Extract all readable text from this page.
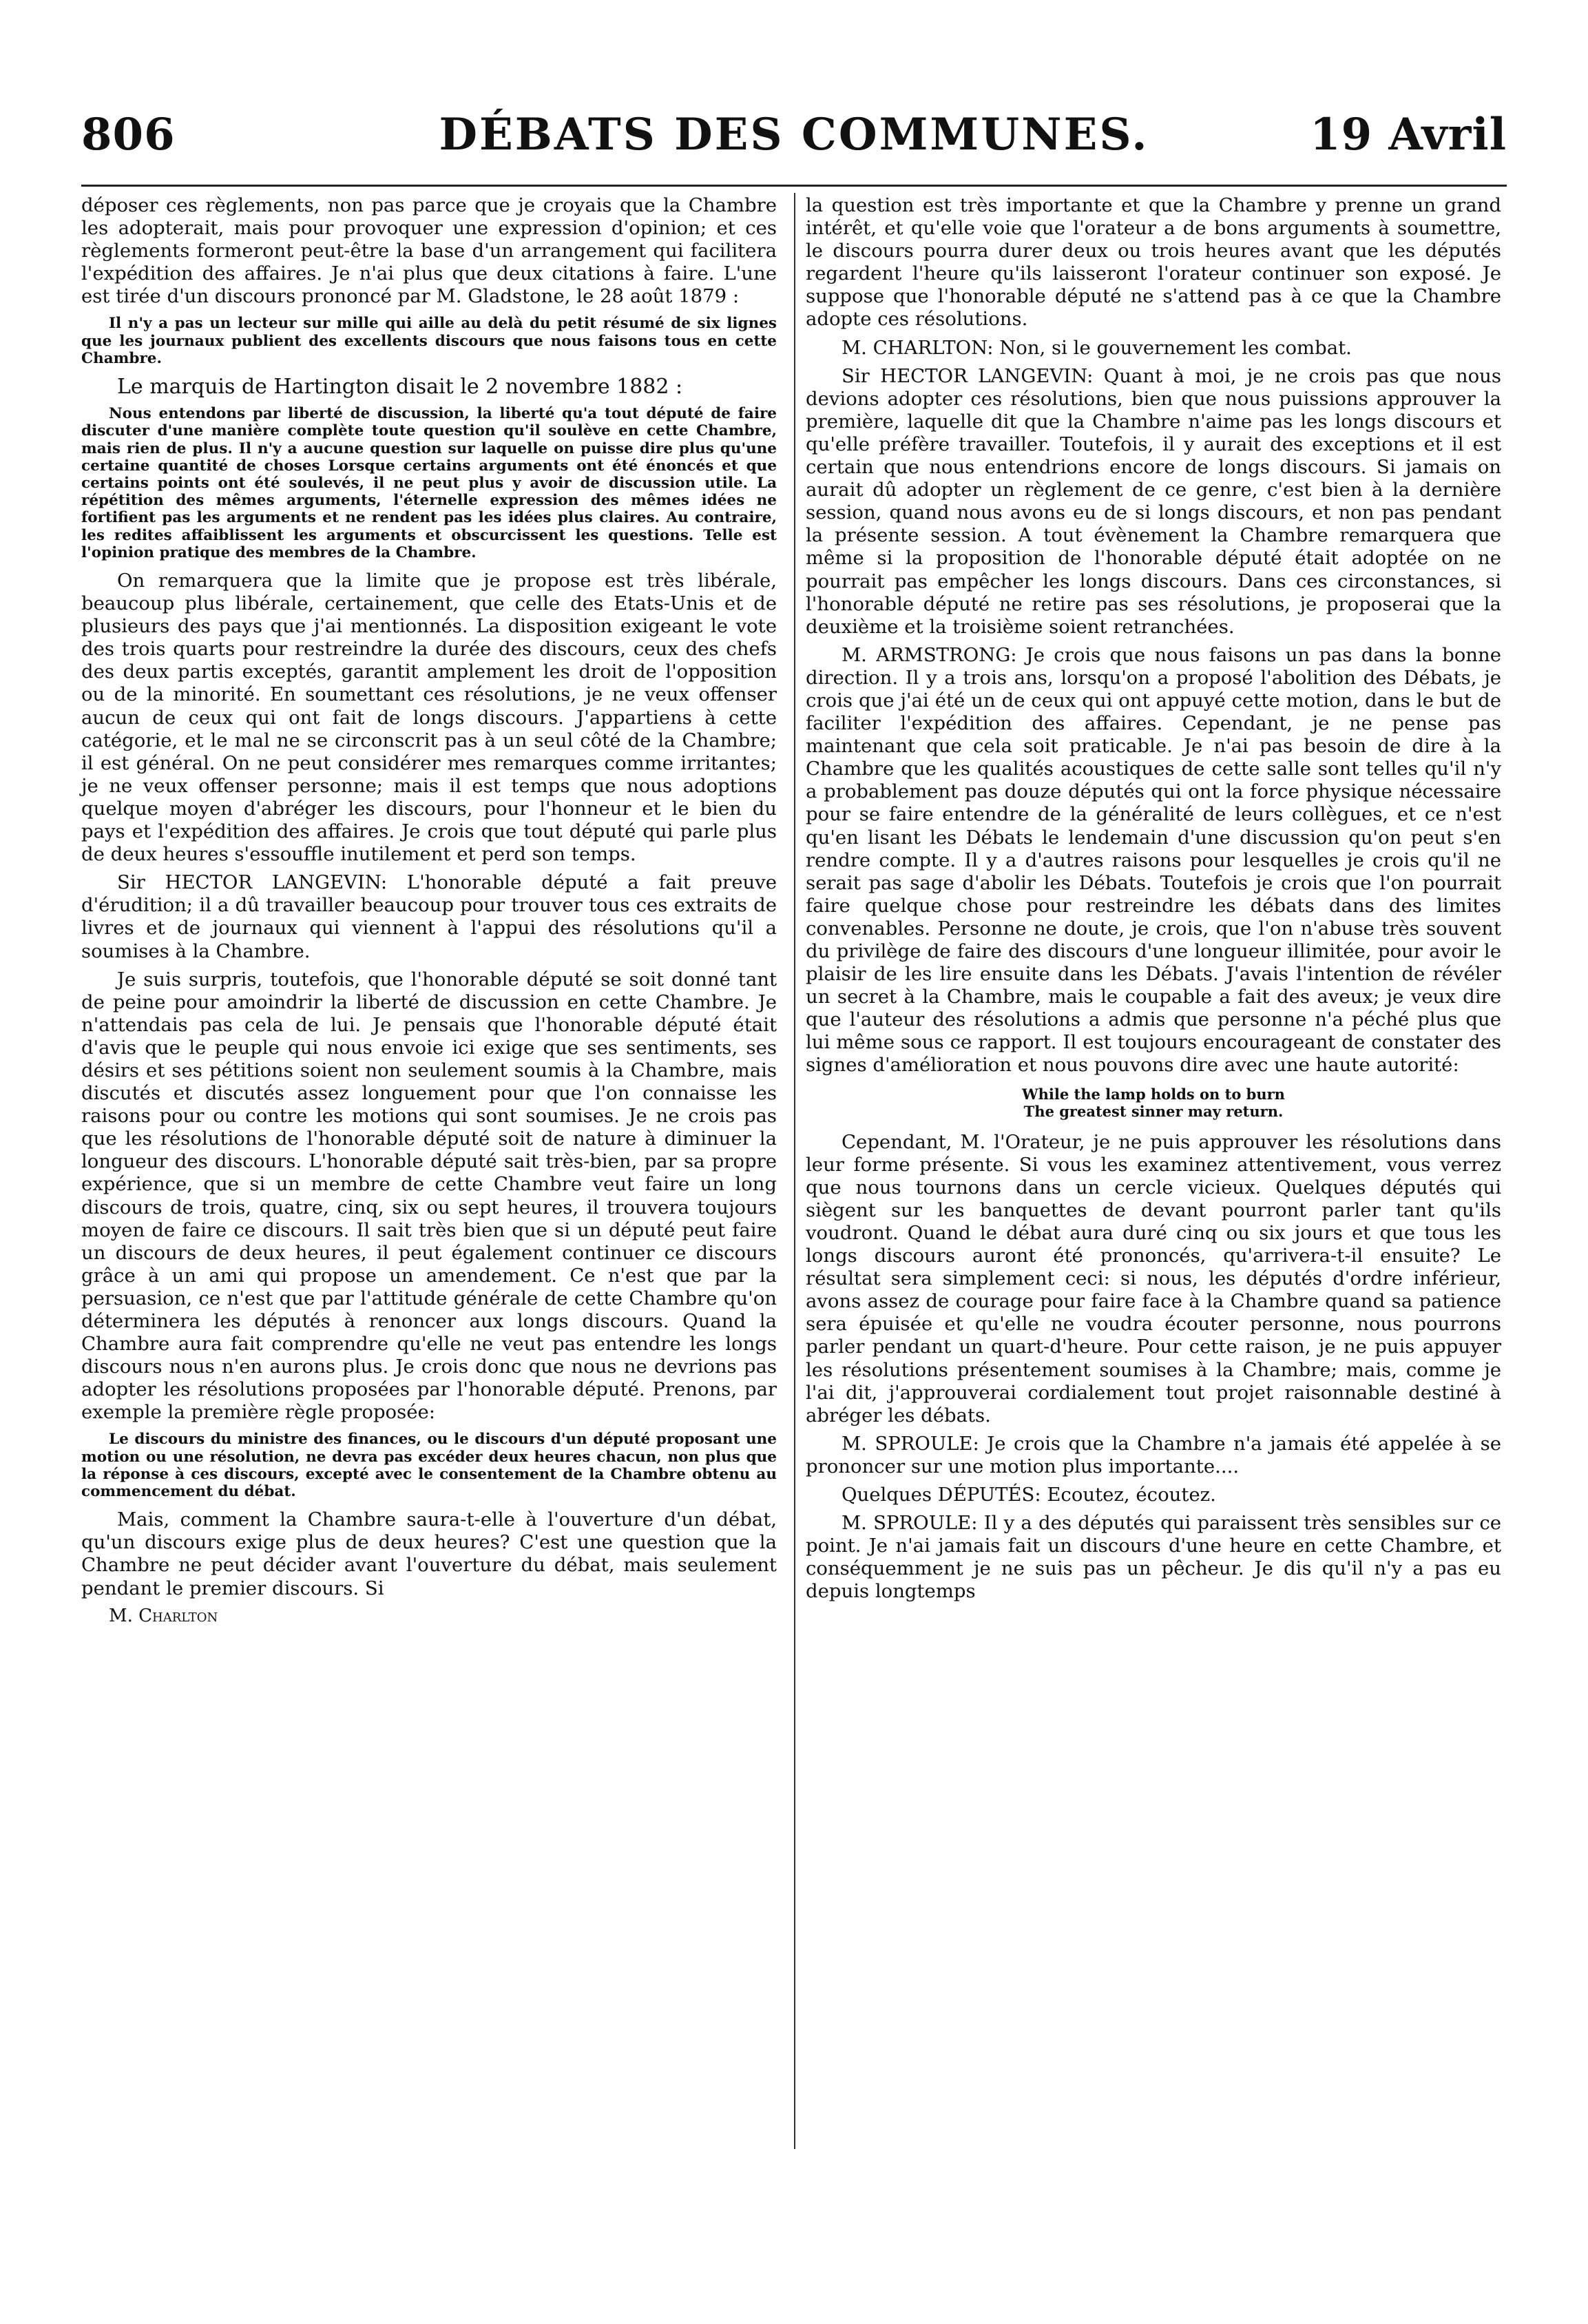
806	DÉBATS DES COMMUNES.	19 Avril

déposer ces règlements, non pas parce que je croyais que la Chambre les adopterait, mais pour provoquer une expression d'opinion; et ces règlements formeront peut-être la base d'un arrangement qui facilitera l'expédition des affaires. Je n'ai plus que deux citations à faire. L'une est tirée d'un discours prononcé par M. Gladstone, le 28 août 1879 :

Il n'y a pas un lecteur sur mille qui aille au delà du petit résumé de six lignes que les journaux publient des excellents discours que nous faisons tous en cette Chambre.

Le marquis de Hartington disait le 2 novembre 1882 :

Nous entendons par liberté de discussion, la liberté qu'a tout député de faire discuter d'une manière complète toute question qu'il soulève en cette Chambre, mais rien de plus. Il n'y a aucune question sur laquelle on puisse dire plus qu'une certaine quantité de choses Lorsque certains arguments ont été énoncés et que certains points ont été soulevés, il ne peut plus y avoir de discussion utile. La répétition des mêmes arguments, l'éternelle expression des mêmes idées ne fortifient pas les arguments et ne rendent pas les idées plus claires. Au contraire, les redites affaiblissent les arguments et obscurcissent les questions. Telle est l'opinion pratique des membres de la Chambre.

On remarquera que la limite que je propose est très libérale, beaucoup plus libérale, certainement, que celle des Etats-Unis et de plusieurs des pays que j'ai mentionnés. La disposition exigeant le vote des trois quarts pour restreindre la durée des discours, ceux des chefs des deux partis exceptés, garantit amplement les droit de l'opposition ou de la minorité. En soumettant ces résolutions, je ne veux offenser aucun de ceux qui ont fait de longs discours. J'appartiens à cette catégorie, et le mal ne se circonscrit pas à un seul côté de la Chambre; il est général. On ne peut considérer mes remarques comme irritantes; je ne veux offenser personne; mais il est temps que nous adoptions quelque moyen d'abréger les discours, pour l'honneur et le bien du pays et l'expédition des affaires. Je crois que tout député qui parle plus de deux heures s'essouffle inutilement et perd son temps.

Sir HECTOR LANGEVIN: L'honorable député a fait preuve d'érudition; il a dû travailler beaucoup pour trouver tous ces extraits de livres et de journaux qui viennent à l'appui des résolutions qu'il a soumises à la Chambre.

Je suis surpris, toutefois, que l'honorable député se soit donné tant de peine pour amoindrir la liberté de discussion en cette Chambre. Je n'attendais pas cela de lui. Je pensais que l'honorable député était d'avis que le peuple qui nous envoie ici exige que ses sentiments, ses désirs et ses pétitions soient non seulement soumis à la Chambre, mais discutés et discutés assez longuement pour que l'on connaisse les raisons pour ou contre les motions qui sont soumises. Je ne crois pas que les résolutions de l'honorable député soit de nature à diminuer la longueur des discours. L'honorable député sait très-bien, par sa propre expérience, que si un membre de cette Chambre veut faire un long discours de trois, quatre, cinq, six ou sept heures, il trouvera toujours moyen de faire ce discours. Il sait très bien que si un député peut faire un discours de deux heures, il peut également continuer ce discours grâce à un ami qui propose un amendement. Ce n'est que par la persuasion, ce n'est que par l'attitude générale de cette Chambre qu'on déterminera les députés à renoncer aux longs discours. Quand la Chambre aura fait comprendre qu'elle ne veut pas entendre les longs discours nous n'en aurons plus. Je crois donc que nous ne devrions pas adopter les résolutions proposées par l'honorable député. Prenons, par exemple la première règle proposée:

Le discours du ministre des finances, ou le discours d'un député proposant une motion ou une résolution, ne devra pas excéder deux heures chacun, non plus que la réponse à ces discours, excepté avec le consentement de la Chambre obtenu au commencement du débat.

Mais, comment la Chambre saura-t-elle à l'ouverture d'un débat, qu'un discours exige plus de deux heures? C'est une question que la Chambre ne peut décider avant l'ouverture du débat, mais seulement pendant le premier discours. Si

M. Charlton

la question est très importante et que la Chambre y prenne un grand intérêt, et qu'elle voie que l'orateur a de bons arguments à soumettre, le discours pourra durer deux ou trois heures avant que les députés regardent l'heure qu'ils laisseront l'orateur continuer son exposé. Je suppose que l'honorable député ne s'attend pas à ce que la Chambre adopte ces résolutions.

M. CHARLTON: Non, si le gouvernement les combat.

Sir HECTOR LANGEVIN: Quant à moi, je ne crois pas que nous devions adopter ces résolutions, bien que nous puissions approuver la première, laquelle dit que la Chambre n'aime pas les longs discours et qu'elle préfère travailler. Toutefois, il y aurait des exceptions et il est certain que nous entendrions encore de longs discours. Si jamais on aurait dû adopter un règlement de ce genre, c'est bien à la dernière session, quand nous avons eu de si longs discours, et non pas pendant la présente session. A tout évènement la Chambre remarquera que même si la proposition de l'honorable député était adoptée on ne pourrait pas empêcher les longs discours. Dans ces circonstances, si l'honorable député ne retire pas ses résolutions, je proposerai que la deuxième et la troisième soient retranchées.

M. ARMSTRONG: Je crois que nous faisons un pas dans la bonne direction. Il y a trois ans, lorsqu'on a proposé l'abolition des Débats, je crois que j'ai été un de ceux qui ont appuyé cette motion, dans le but de faciliter l'expédition des affaires. Cependant, je ne pense pas maintenant que cela soit praticable. Je n'ai pas besoin de dire à la Chambre que les qualités acoustiques de cette salle sont telles qu'il n'y a probablement pas douze députés qui ont la force physique nécessaire pour se faire entendre de la généralité de leurs collègues, et ce n'est qu'en lisant les Débats le lendemain d'une discussion qu'on peut s'en rendre compte. Il y a d'autres raisons pour lesquelles je crois qu'il ne serait pas sage d'abolir les Débats. Toutefois je crois que l'on pourrait faire quelque chose pour restreindre les débats dans des limites convenables. Personne ne doute, je crois, que l'on n'abuse très souvent du privilège de faire des discours d'une longueur illimitée, pour avoir le plaisir de les lire ensuite dans les Débats. J'avais l'intention de révéler un secret à la Chambre, mais le coupable a fait des aveux; je veux dire que l'auteur des résolutions a admis que personne n'a péché plus que lui même sous ce rapport. Il est toujours encourageant de constater des signes d'amélioration et nous pouvons dire avec une haute autorité:

While the lamp holds on to burn
The greatest sinner may return.

Cependant, M. l'Orateur, je ne puis approuver les résolutions dans leur forme présente. Si vous les examinez attentivement, vous verrez que nous tournons dans un cercle vicieux. Quelques députés qui siègent sur les banquettes de devant pourront parler tant qu'ils voudront. Quand le débat aura duré cinq ou six jours et que tous les longs discours auront été prononcés, qu'arrivera-t-il ensuite? Le résultat sera simplement ceci: si nous, les députés d'ordre inférieur, avons assez de courage pour faire face à la Chambre quand sa patience sera épuisée et qu'elle ne voudra écouter personne, nous pourrons parler pendant un quart-d'heure. Pour cette raison, je ne puis appuyer les résolutions présentement soumises à la Chambre; mais, comme je l'ai dit, j'approuverai cordialement tout projet raisonnable destiné à abréger les débats.

M. SPROULE: Je crois que la Chambre n'a jamais été appelée à se prononcer sur une motion plus importante....

Quelques DÉPUTÉS: Ecoutez, écoutez.

M. SPROULE: Il y a des députés qui paraissent très sensibles sur ce point. Je n'ai jamais fait un discours d'une heure en cette Chambre, et conséquemment je ne suis pas un pêcheur. Je dis qu'il n'y a pas eu depuis longtemps
